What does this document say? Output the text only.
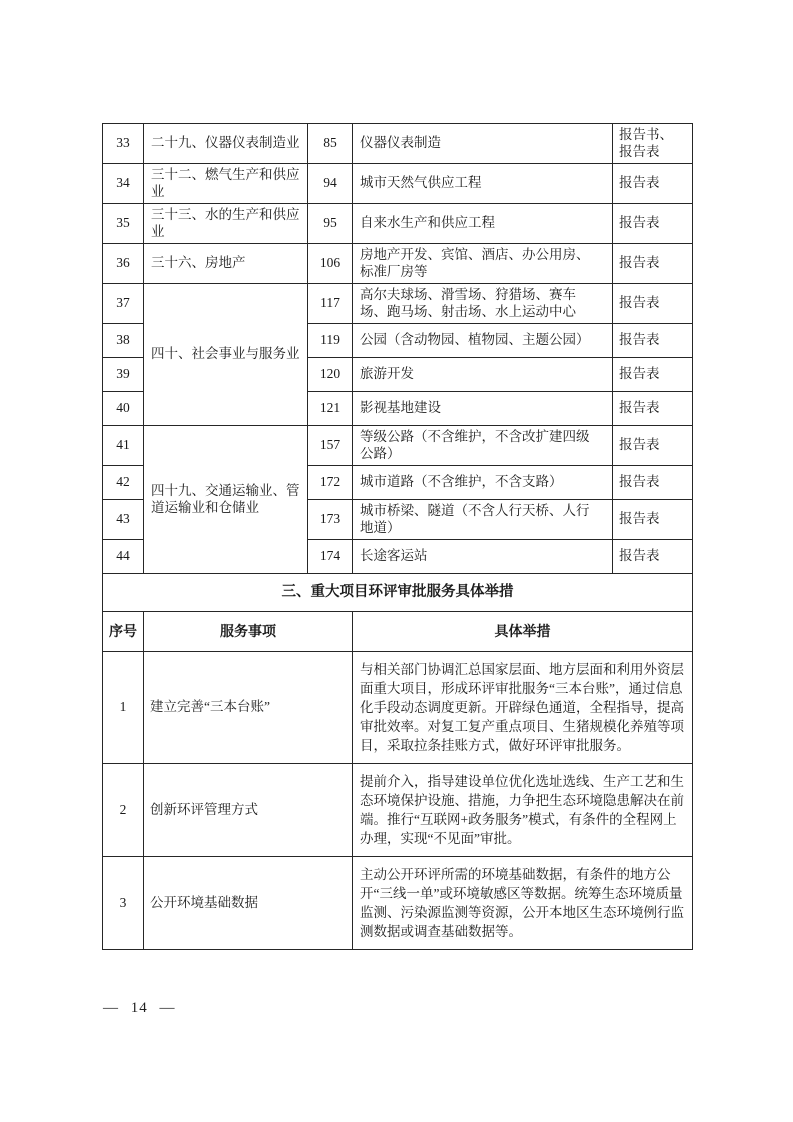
33	二十九、仪器仪表制造业	85	仪器仪表制造	报告书、报告表
34	三十二、燃气生产和供应业	94	城市天然气供应工程	报告表
35	三十三、水的生产和供应业	95	自来水生产和供应工程	报告表
36	三十六、房地产	106	房地产开发、宾馆、酒店、办公用房、标准厂房等	报告表
37	四十、社会事业与服务业	117	高尔夫球场、滑雪场、狩猎场、赛车场、跑马场、射击场、水上运动中心	报告表
38		119	公园（含动物园、植物园、主题公园）	报告表
39		120	旅游开发	报告表
40		121	影视基地建设	报告表
41	四十九、交通运输业、管道运输业和仓储业	157	等级公路（不含维护，不含改扩建四级公路）	报告表
42		172	城市道路（不含维护，不含支路）	报告表
43		173	城市桥梁、隧道（不含人行天桥、人行地道）	报告表
44		174	长途客运站	报告表
三、重大项目环评审批服务具体举措				
序号	服务事项		具体举措	
1	建立完善“三本台账”		与相关部门协调汇总国家层面、地方层面和利用外资层面重大项目，形成环评审批服务“三本台账”，通过信息化手段动态调度更新。开辟绿色通道，全程指导，提高审批效率。对复工复产重点项目、生猪规模化养殖等项目，采取拉条挂账方式，做好环评审批服务。	
2	创新环评管理方式		提前介入，指导建设单位优化选址选线、生产工艺和生态环境保护设施、措施，力争把生态环境隐患解决在前端。推行“互联网+政务服务”模式，有条件的全程网上办理，实现“不见面”审批。	
3	公开环境基础数据		主动公开环评所需的环境基础数据，有条件的地方公开“三线一单”或环境敏感区等数据。统筹生态环境质量监测、污染源监测等资源，公开本地区生态环境例行监测数据或调查基础数据等。	
— 14 —
